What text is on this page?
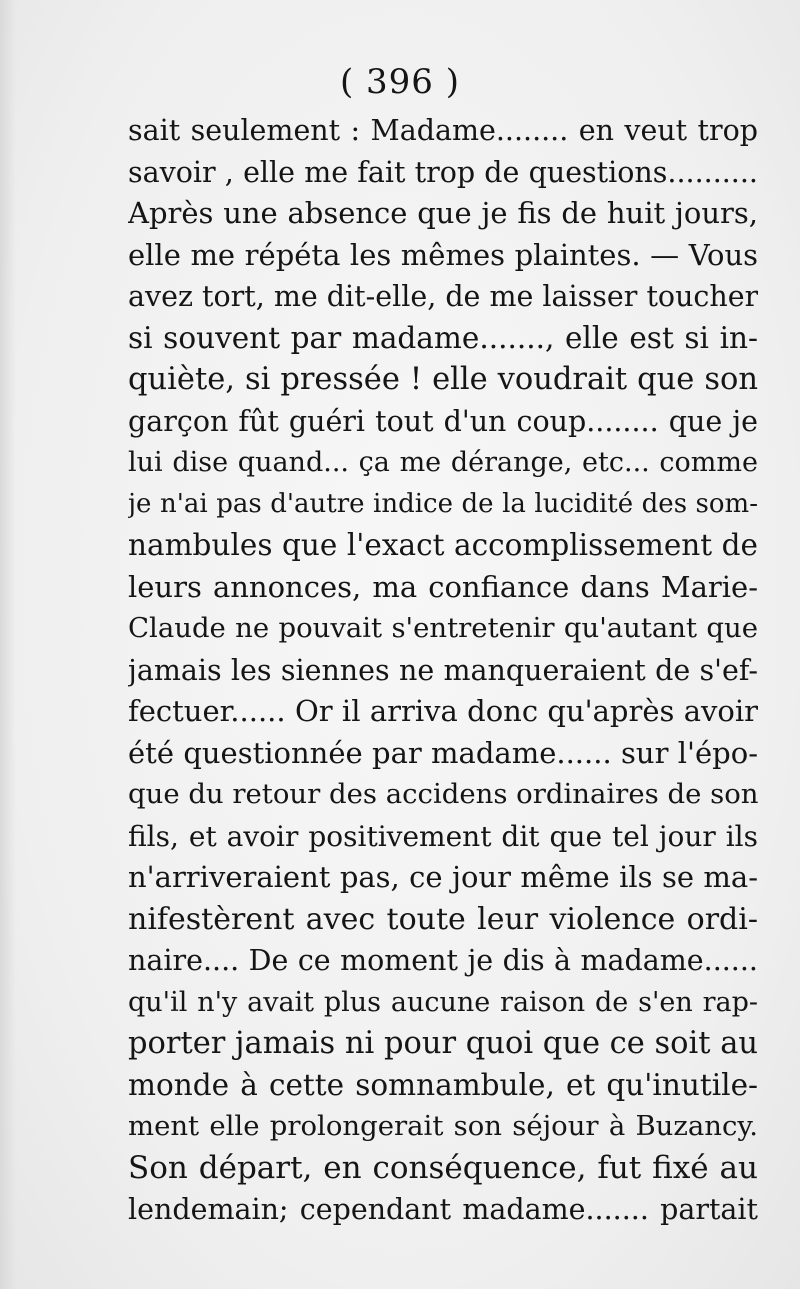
( 396 )
sait seulement : Madame........ en veut trop
savoir , elle me fait trop de questions..........
Après une absence que je fis de huit jours,
elle me répéta les mêmes plaintes. — Vous
avez tort, me dit-elle, de me laisser toucher
si souvent par madame......., elle est si in-
quiète, si pressée ! elle voudrait que son
garçon fût guéri tout d'un coup........ que je
lui dise quand... ça me dérange, etc... comme
je n'ai pas d'autre indice de la lucidité des som-
nambules que l'exact accomplissement de
leurs annonces, ma confiance dans Marie-
Claude ne pouvait s'entretenir qu'autant que
jamais les siennes ne manqueraient de s'ef-
fectuer...... Or il arriva donc qu'après avoir
été questionnée par madame...... sur l'épo-
que du retour des accidens ordinaires de son
fils, et avoir positivement dit que tel jour ils
n'arriveraient pas, ce jour même ils se ma-
nifestèrent avec toute leur violence ordi-
naire.... De ce moment je dis à madame......
qu'il n'y avait plus aucune raison de s'en rap-
porter jamais ni pour quoi que ce soit au
monde à cette somnambule, et qu'inutile-
ment elle prolongerait son séjour à Buzancy.
Son départ, en conséquence, fut fixé au
lendemain; cependant madame....... partait
